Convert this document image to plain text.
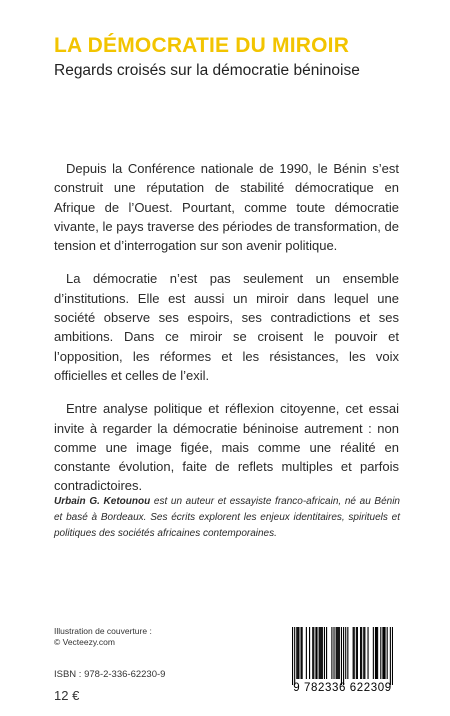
LA DÉMOCRATIE DU MIROIR
Regards croisés sur la démocratie béninoise

Depuis la Conférence nationale de 1990, le Bénin s’est construit une réputation de stabilité démocratique en Afrique de l’Ouest. Pourtant, comme toute démocratie vivante, le pays traverse des périodes de transformation, de tension et d’interrogation sur son avenir politique.

La démocratie n’est pas seulement un ensemble d’institutions. Elle est aussi un miroir dans lequel une société observe ses espoirs, ses contradictions et ses ambitions. Dans ce miroir se croisent le pouvoir et l’opposition, les réformes et les résistances, les voix officielles et celles de l’exil.

Entre analyse politique et réflexion citoyenne, cet essai invite à regarder la démocratie béninoise autrement : non comme une image figée, mais comme une réalité en constante évolution, faite de reflets multiples et parfois contradictoires.

Urbain G. Ketounou est un auteur et essayiste franco-africain, né au Bénin et basé à Bordeaux. Ses écrits explorent les enjeux identitaires, spirituels et politiques des sociétés africaines contemporaines.
Illustration de couverture :
© Vecteezy.com
ISBN : 978-2-336-62230-9
12 €	9 782336 622309
